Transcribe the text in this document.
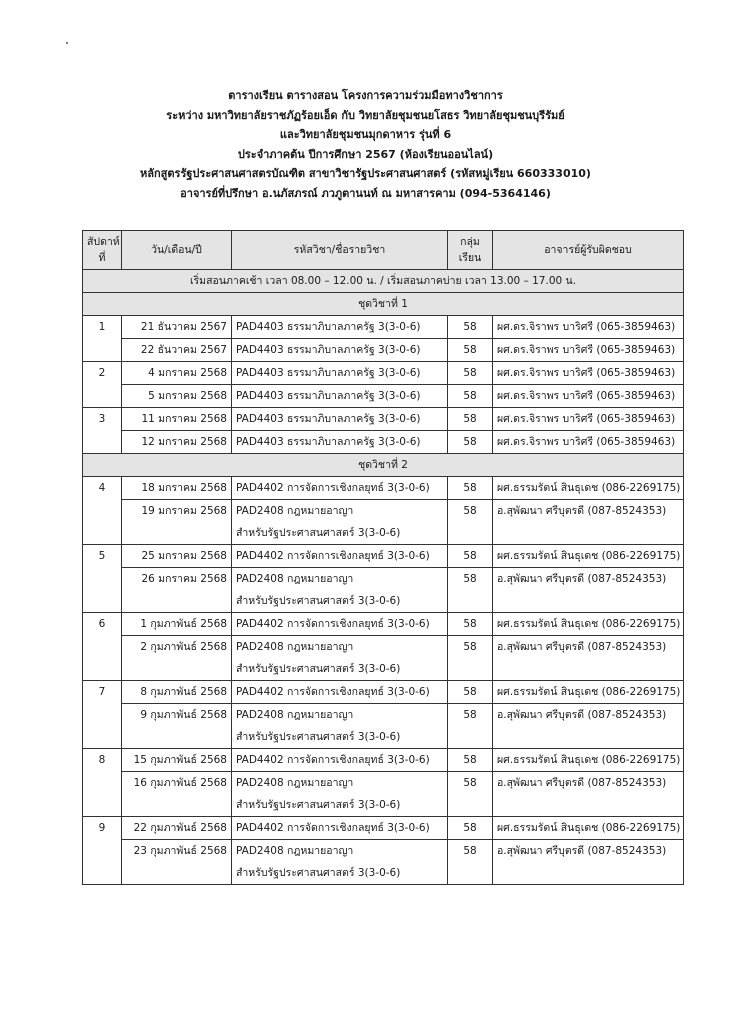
ตารางเรียน ตารางสอน โครงการความร่วมมือทางวิชาการ
ระหว่าง มหาวิทยาลัยราชภัฏร้อยเอ็ด กับ วิทยาลัยชุมชนยโสธร วิทยาลัยชุมชนบุรีรัมย์
และวิทยาลัยชุมชนมุกดาหาร รุ่นที่ 6
ประจำภาคต้น ปีการศึกษา 2567 (ห้องเรียนออนไลน์)
หลักสูตรรัฐประศาสนศาสตรบัณฑิต สาขาวิชารัฐประศาสนศาสตร์ (รหัสหมู่เรียน 660333010)
อาจารย์ที่ปรึกษา อ.นภัสภรณ์ ภวภูตานนท์ ณ มหาสารคาม (094-5364146)
สัปดาห์ที่	วัน/เดือน/ปี	รหัสวิชา/ชื่อรายวิชา	กลุ่มเรียน	อาจารย์ผู้รับผิดชอบ
เริ่มสอนภาคเช้า เวลา 08.00 – 12.00 น. / เริ่มสอนภาคบ่าย เวลา 13.00 – 17.00 น.				
ชุดวิชาที่ 1				
1	21 ธันวาคม 2567	PAD4403 ธรรมาภิบาลภาครัฐ 3(3-0-6)	58	ผศ.ดร.จิราพร บาริศรี (065-3859463)
	22 ธันวาคม 2567	PAD4403 ธรรมาภิบาลภาครัฐ 3(3-0-6)	58	ผศ.ดร.จิราพร บาริศรี (065-3859463)
2	4 มกราคม 2568	PAD4403 ธรรมาภิบาลภาครัฐ 3(3-0-6)	58	ผศ.ดร.จิราพร บาริศรี (065-3859463)
	5 มกราคม 2568	PAD4403 ธรรมาภิบาลภาครัฐ 3(3-0-6)	58	ผศ.ดร.จิราพร บาริศรี (065-3859463)
3	11 มกราคม 2568	PAD4403 ธรรมาภิบาลภาครัฐ 3(3-0-6)	58	ผศ.ดร.จิราพร บาริศรี (065-3859463)
	12 มกราคม 2568	PAD4403 ธรรมาภิบาลภาครัฐ 3(3-0-6)	58	ผศ.ดร.จิราพร บาริศรี (065-3859463)
ชุดวิชาที่ 2				
4	18 มกราคม 2568	PAD4402 การจัดการเชิงกลยุทธ์ 3(3-0-6)	58	ผศ.ธรรมรัตน์ สินธุเดช (086-2269175)
	19 มกราคม 2568	PAD2408 กฎหมายอาญา
สำหรับรัฐประศาสนศาสตร์ 3(3-0-6)	58	อ.สุพัฒนา ศรีบุตรดี (087-8524353)
5	25 มกราคม 2568	PAD4402 การจัดการเชิงกลยุทธ์ 3(3-0-6)	58	ผศ.ธรรมรัตน์ สินธุเดช (086-2269175)
	26 มกราคม 2568	PAD2408 กฎหมายอาญา
สำหรับรัฐประศาสนศาสตร์ 3(3-0-6)	58	อ.สุพัฒนา ศรีบุตรดี (087-8524353)
6	1 กุมภาพันธ์ 2568	PAD4402 การจัดการเชิงกลยุทธ์ 3(3-0-6)	58	ผศ.ธรรมรัตน์ สินธุเดช (086-2269175)
	2 กุมภาพันธ์ 2568	PAD2408 กฎหมายอาญา
สำหรับรัฐประศาสนศาสตร์ 3(3-0-6)	58	อ.สุพัฒนา ศรีบุตรดี (087-8524353)
7	8 กุมภาพันธ์ 2568	PAD4402 การจัดการเชิงกลยุทธ์ 3(3-0-6)	58	ผศ.ธรรมรัตน์ สินธุเดช (086-2269175)
	9 กุมภาพันธ์ 2568	PAD2408 กฎหมายอาญา
สำหรับรัฐประศาสนศาสตร์ 3(3-0-6)	58	อ.สุพัฒนา ศรีบุตรดี (087-8524353)
8	15 กุมภาพันธ์ 2568	PAD4402 การจัดการเชิงกลยุทธ์ 3(3-0-6)	58	ผศ.ธรรมรัตน์ สินธุเดช (086-2269175)
	16 กุมภาพันธ์ 2568	PAD2408 กฎหมายอาญา
สำหรับรัฐประศาสนศาสตร์ 3(3-0-6)	58	อ.สุพัฒนา ศรีบุตรดี (087-8524353)
9	22 กุมภาพันธ์ 2568	PAD4402 การจัดการเชิงกลยุทธ์ 3(3-0-6)	58	ผศ.ธรรมรัตน์ สินธุเดช (086-2269175)
	23 กุมภาพันธ์ 2568	PAD2408 กฎหมายอาญา
สำหรับรัฐประศาสนศาสตร์ 3(3-0-6)	58	อ.สุพัฒนา ศรีบุตรดี (087-8524353)
